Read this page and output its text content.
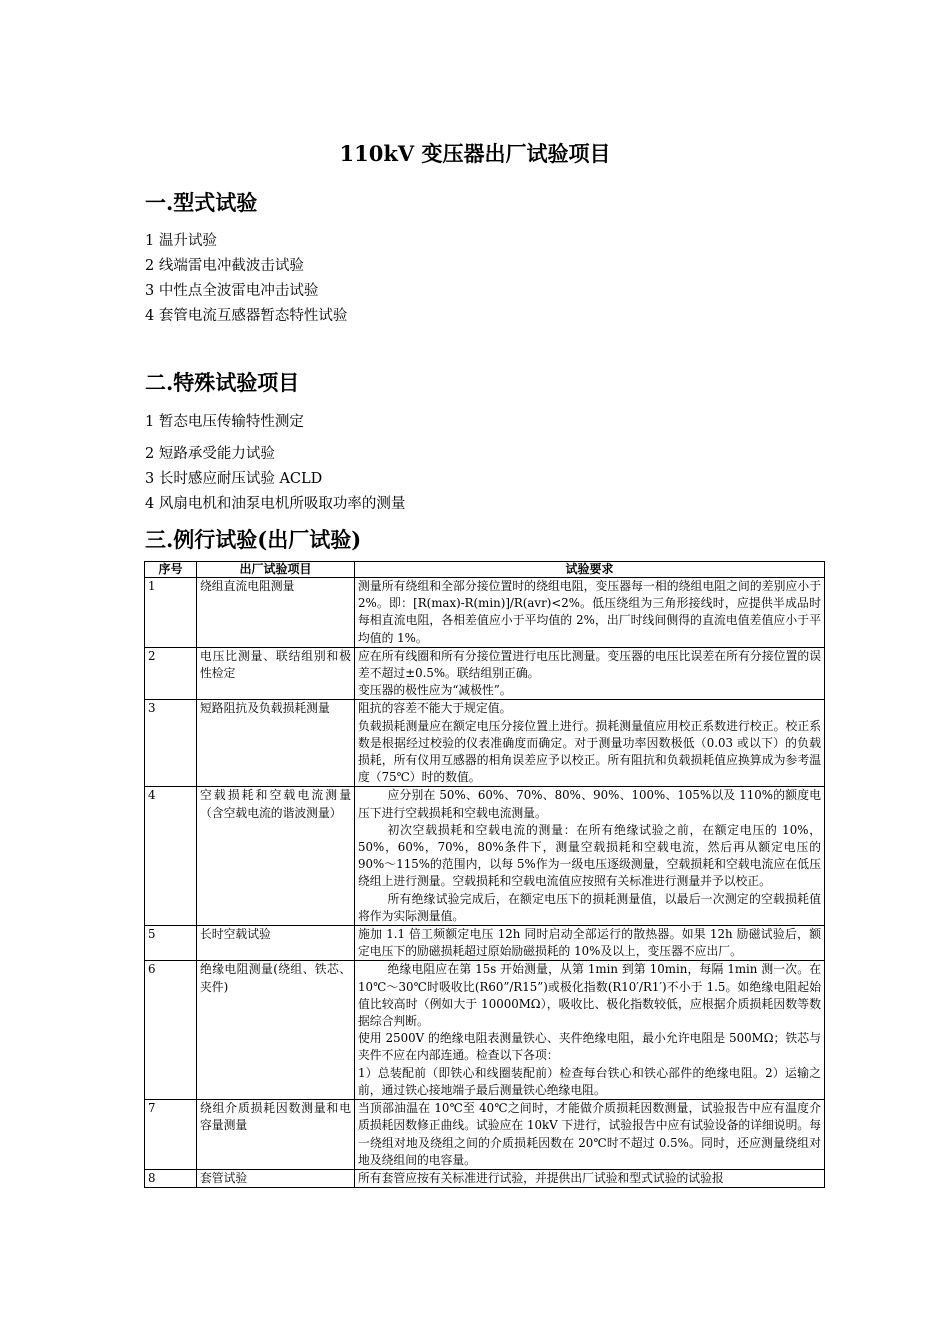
110kV 变压器出厂试验项目
一.型式试验
1 温升试验
2 线端雷电冲截波击试验
3 中性点全波雷电冲击试验
4 套管电流互感器暂态特性试验
二.特殊试验项目
1 暂态电压传输特性测定
2 短路承受能力试验
3 长时感应耐压试验 ACLD
4 风扇电机和油泵电机所吸取功率的测量
三.例行试验(出厂试验)
序号	出厂试验项目	试验要求
1	绕组直流电阻测量	测量所有绕组和全部分接位置时的绕组电阻，变压器每一相的绕组电阻之间的差别应小于 2%。即：[R(max)-R(min)]/R(avr)<2%。低压绕组为三角形接线时，应提供半成品时每相直流电阻，各相差值应小于平均值的 2%，出厂时线间侧得的直流电值差值应小于平均值的 1%。

2	电压比测量、联结组别和极性检定	应在所有线圈和所有分接位置进行电压比测量。变压器的电压比误差在所有分接位置的误差不超过±0.5%。联结组别正确。
变压器的极性应为“减极性”。

3	短路阻抗及负载损耗测量	阻抗的容差不能大于规定值。
负载损耗测量应在额定电压分接位置上进行。损耗测量值应用校正系数进行校正。校正系数是根据经过校验的仪表准确度而确定。对于测量功率因数极低（0.03 或以下）的负载损耗，所有仪用互感器的相角误差应予以校正。所有阻抗和负载损耗值应换算成为参考温度（75℃）时的数值。

4	空载损耗和空载电流测量（含空载电流的谐波测量）	应分别在 50%、60%、70%、80%、90%、100%、105%以及 110%的额度电压下进行空载损耗和空载电流测量。
初次空载损耗和空载电流的测量：在所有绝缘试验之前，在额定电压的 10%，50%，60%，70%，80%条件下，测量空载损耗和空载电流，然后再从额定电压的 90%～115%的范围内，以每 5%作为一级电压逐级测量，空载损耗和空载电流应在低压绕组上进行测量。空载损耗和空载电流值应按照有关标准进行测量并予以校正。
所有绝缘试验完成后，在额定电压下的损耗测量值，以最后一次测定的空载损耗值将作为实际测量值。

5	长时空载试验	施加 1.1 倍工频额定电压 12h 同时启动全部运行的散热器。如果 12h 励磁试验后，额定电压下的励磁损耗超过原始励磁损耗的 10%及以上，变压器不应出厂。

6	绝缘电阻测量(绕组、铁芯、夹件)	绝缘电阻应在第 15s 开始测量，从第 1min 到第 10min，每隔 1min 测一次。在 10℃～30℃时吸收比(R60”/R15”)或极化指数(R10′/R1′)不小于 1.5。如绝缘电阻起始值比较高时（例如大于 10000MΩ），吸收比、极化指数较低，应根据介质损耗因数等数据综合判断。
使用 2500V 的绝缘电阻表测量铁心、夹件绝缘电阻，最小允许电阻是 500MΩ；铁芯与夹件不应在内部连通。检查以下各项：
1）总装配前（即铁心和线圈装配前）检查每台铁心和铁心部件的绝缘电阻。2）运输之前，通过铁心接地端子最后测量铁心绝缘电阻。

7	绕组介质损耗因数测量和电容量测量	当顶部油温在 10℃至 40℃之间时，才能做介质损耗因数测量，试验报告中应有温度介质损耗因数修正曲线。试验应在 10kV 下进行，试验报告中应有试验设备的详细说明。每一绕组对地及绕组之间的介质损耗因数在 20℃时不超过 0.5%。同时，还应测量绕组对地及绕组间的电容量。

8	套管试验	所有套管应按有关标准进行试验，并提供出厂试验和型式试验的试验报
